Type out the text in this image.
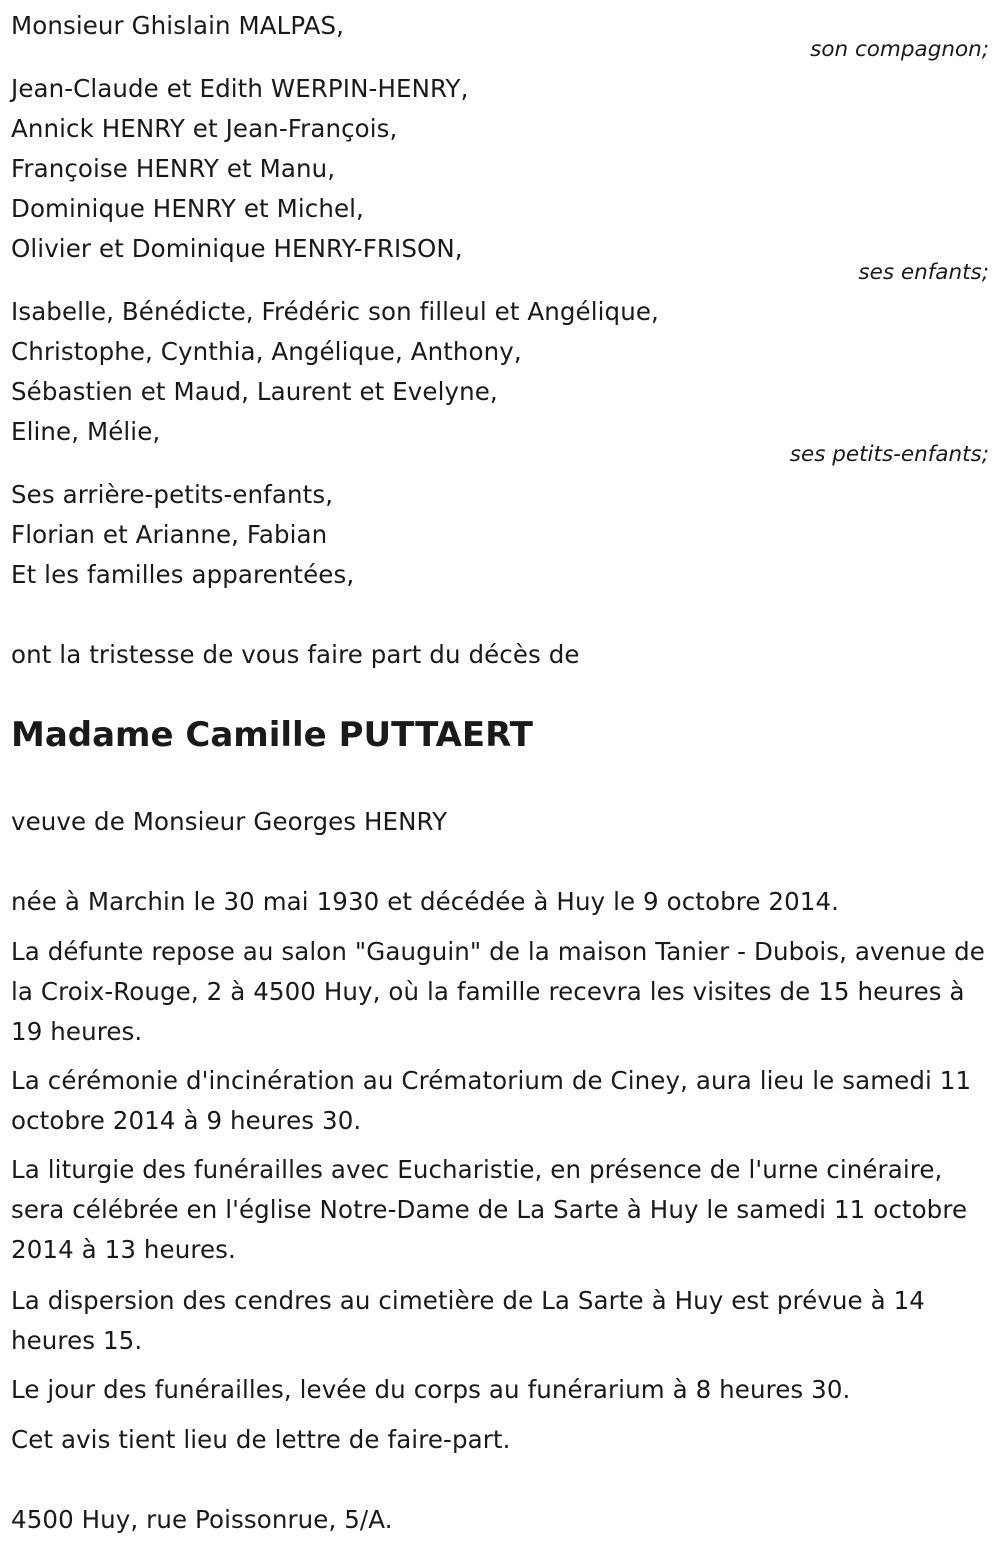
Monsieur Ghislain MALPAS,
son compagnon;
Jean-Claude et Edith WERPIN-HENRY,
Annick HENRY et Jean-François,
Françoise HENRY et Manu,
Dominique HENRY et Michel,
Olivier et Dominique HENRY-FRISON,
ses enfants;
Isabelle, Bénédicte, Frédéric son filleul et Angélique,
Christophe, Cynthia, Angélique, Anthony,
Sébastien et Maud, Laurent et Evelyne,
Eline, Mélie,
ses petits-enfants;
Ses arrière-petits-enfants,
Florian et Arianne, Fabian
Et les familles apparentées,
ont la tristesse de vous faire part du décès de
Madame Camille PUTTAERT
veuve de Monsieur Georges HENRY
née à Marchin le 30 mai 1930 et décédée à Huy le 9 octobre 2014.
La défunte repose au salon "Gauguin" de la maison Tanier - Dubois, avenue de la Croix-Rouge, 2 à 4500 Huy, où la famille recevra les visites de 15 heures à 19 heures.
La cérémonie d'incinération au Crématorium de Ciney, aura lieu le samedi 11 octobre 2014 à 9 heures 30.
La liturgie des funérailles avec Eucharistie, en présence de l'urne cinéraire, sera célébrée en l'église Notre-Dame de La Sarte à Huy le samedi 11 octobre 2014 à 13 heures.
La dispersion des cendres au cimetière de La Sarte à Huy est prévue à 14 heures 15.
Le jour des funérailles, levée du corps au funérarium à 8 heures 30.
Cet avis tient lieu de lettre de faire-part.
4500 Huy, rue Poissonrue, 5/A.
